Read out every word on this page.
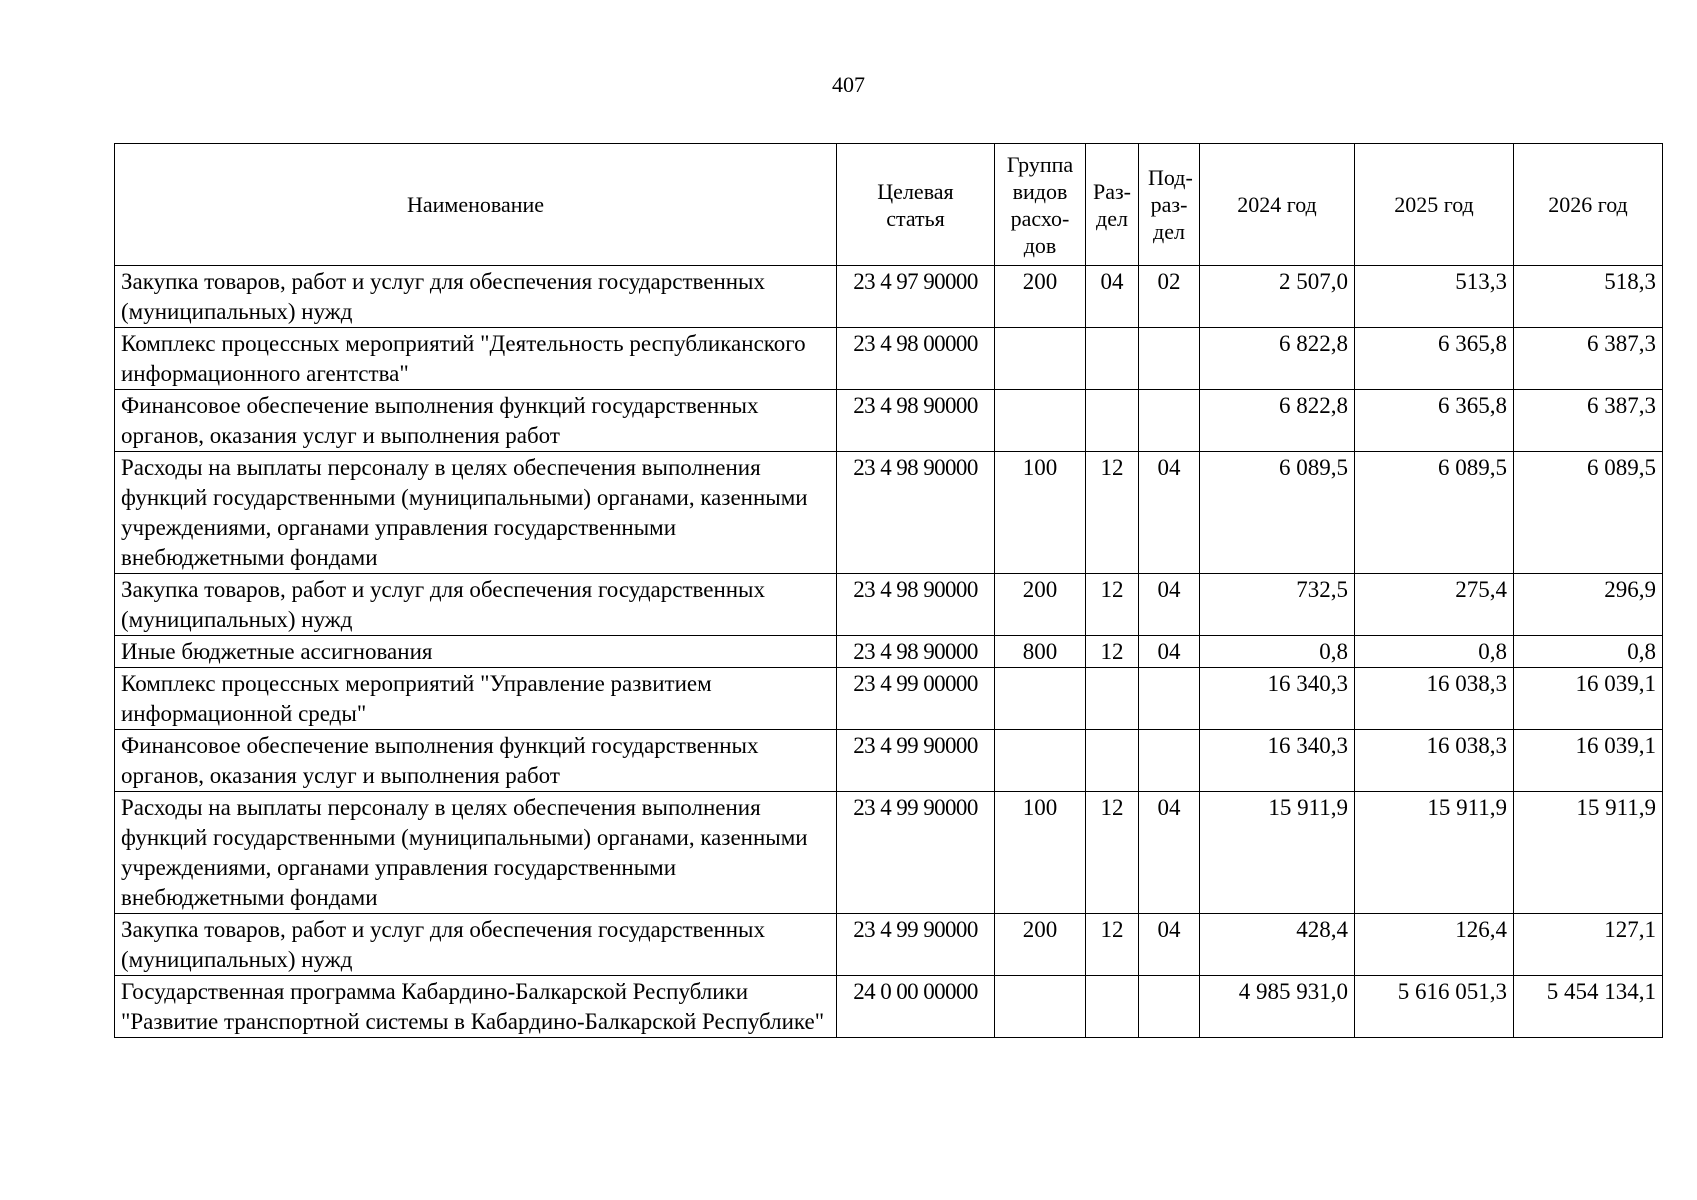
407
Наименование	Целевая статья	Группа видов расхо-дов	Раз-дел	Под-раз-дел	2024 год	2025 год	2026 год
Закупка товаров, работ и услуг для обеспечения государственных (муниципальных) нужд	23 4 97 90000	200	04	02	2 507,0	513,3	518,3
Комплекс процессных мероприятий "Деятельность республиканского информационного агентства"	23 4 98 00000				6 822,8	6 365,8	6 387,3
Финансовое обеспечение выполнения функций государственных органов, оказания услуг и выполнения работ	23 4 98 90000				6 822,8	6 365,8	6 387,3
Расходы на выплаты персоналу в целях обеспечения выполнения функций государственными (муниципальными) органами, казенными учреждениями, органами управления государственными внебюджетными фондами	23 4 98 90000	100	12	04	6 089,5	6 089,5	6 089,5
Закупка товаров, работ и услуг для обеспечения государственных (муниципальных) нужд	23 4 98 90000	200	12	04	732,5	275,4	296,9
Иные бюджетные ассигнования	23 4 98 90000	800	12	04	0,8	0,8	0,8
Комплекс процессных мероприятий "Управление развитием информационной среды"	23 4 99 00000				16 340,3	16 038,3	16 039,1
Финансовое обеспечение выполнения функций государственных органов, оказания услуг и выполнения работ	23 4 99 90000				16 340,3	16 038,3	16 039,1
Расходы на выплаты персоналу в целях обеспечения выполнения функций государственными (муниципальными) органами, казенными учреждениями, органами управления государственными внебюджетными фондами	23 4 99 90000	100	12	04	15 911,9	15 911,9	15 911,9
Закупка товаров, работ и услуг для обеспечения государственных (муниципальных) нужд	23 4 99 90000	200	12	04	428,4	126,4	127,1
Государственная программа Кабардино-Балкарской Республики "Развитие транспортной системы в Кабардино-Балкарской Республике"	24 0 00 00000				4 985 931,0	5 616 051,3	5 454 134,1
